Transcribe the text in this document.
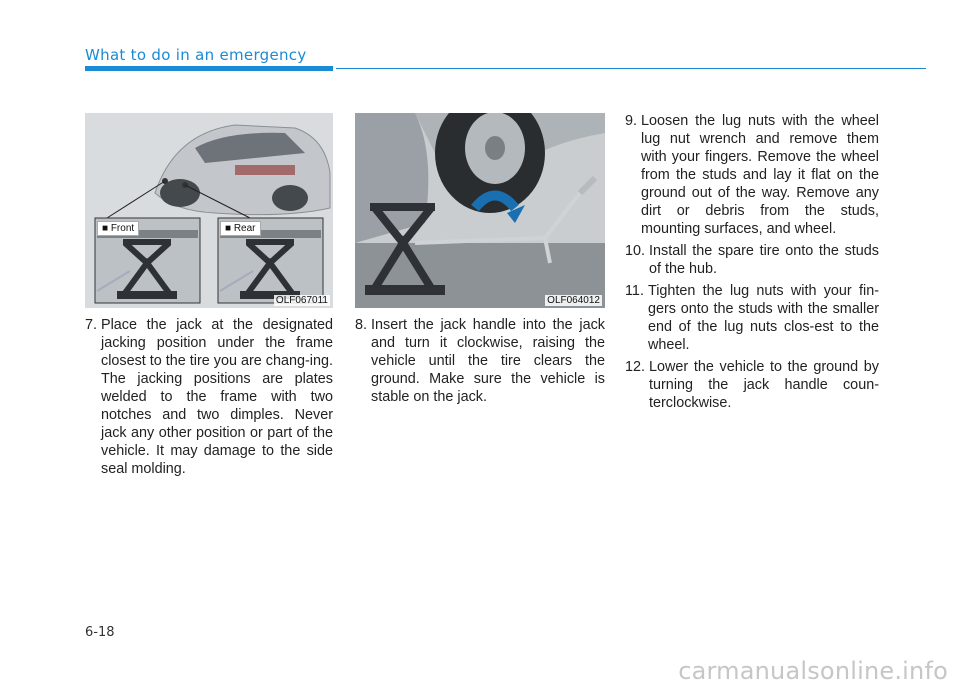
What to do in an emergency
■ Front	■ Rear
OLF067011	OLF064012
7. Place the jack at the designated jacking position under the frame closest to the tire you are chang-ing. The jacking positions are plates welded to the frame with two notches and two dimples. Never jack any other position or part of the vehicle. It may damage to the side seal molding.
8. Insert the jack handle into the jack and turn it clockwise, raising the vehicle until the tire clears the ground. Make sure the vehicle is stable on the jack.
9. Loosen the lug nuts with the wheel lug nut wrench and remove them with your fingers. Remove the wheel from the studs and lay it flat on the ground out of the way. Remove any dirt or debris from the studs, mounting surfaces, and wheel.
10. Install the spare tire onto the studs of the hub.
11. Tighten the lug nuts with your fin-gers onto the studs with the smaller end of the lug nuts clos-est to the wheel.
12. Lower the vehicle to the ground by turning the jack handle coun-terclockwise.
6-18
carmanualsonline.info
